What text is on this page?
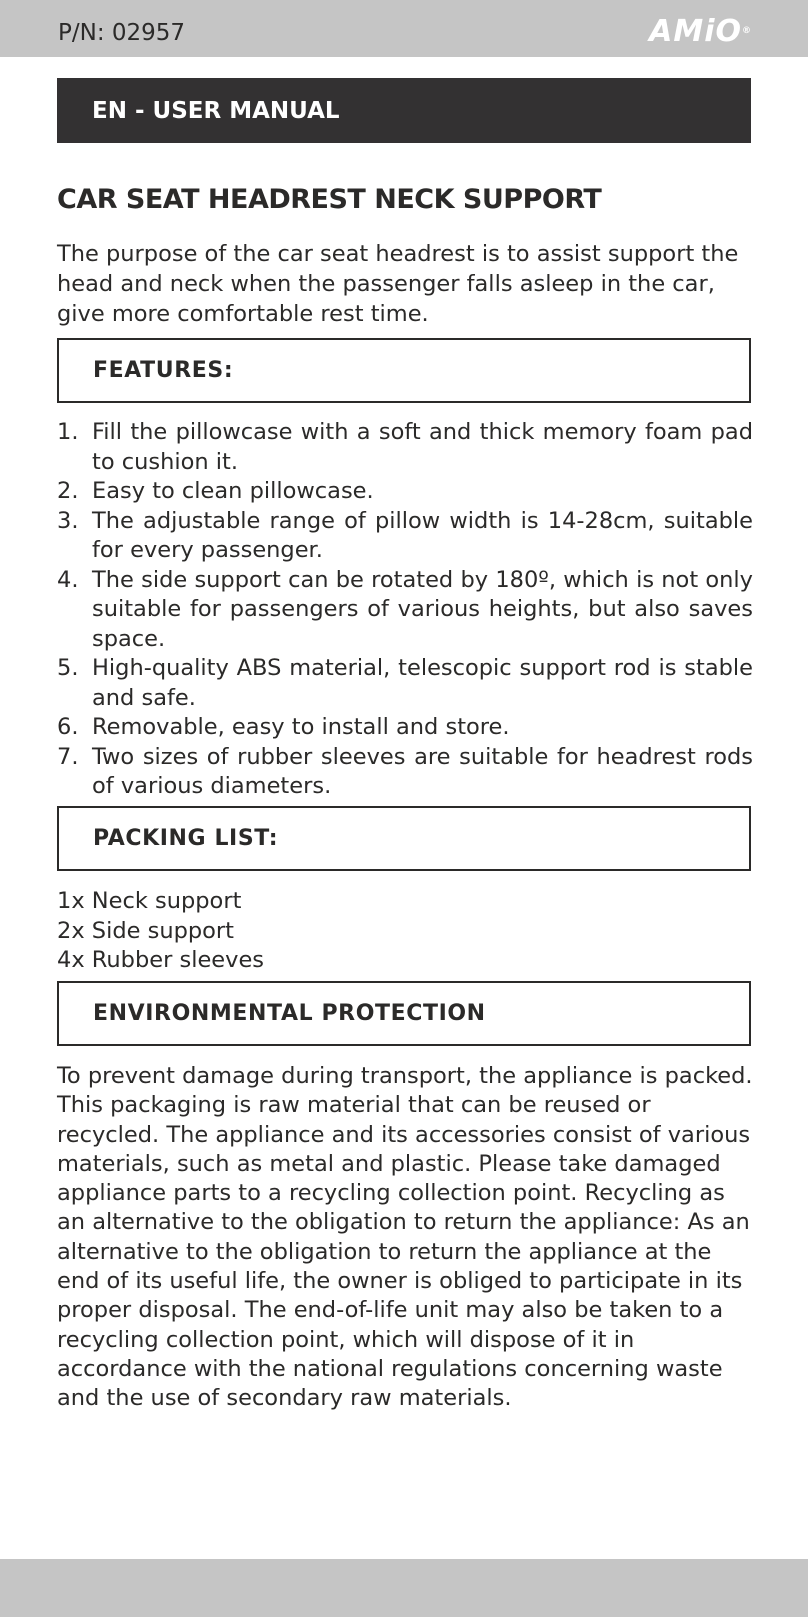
P/N: 02957	AMiO®
EN - USER MANUAL
CAR SEAT HEADREST NECK SUPPORT

The purpose of the car seat headrest is to assist support the head and neck when the passenger falls asleep in the car, give more comfortable rest time.

FEATURES:
1. Fill the pillowcase with a soft and thick memory foam pad to cushion it.
2. Easy to clean pillowcase.
3. The adjustable range of pillow width is 14-28cm, suitable for every passenger.
4. The side support can be rotated by 180º, which is not only suitable for passengers of various heights, but also saves space.
5. High-quality ABS material, telescopic support rod is stable and safe.
6. Removable, easy to install and store.
7. Two sizes of rubber sleeves are suitable for headrest rods of various diameters.
PACKING LIST:
1x Neck support
2x Side support
4x Rubber sleeves
ENVIRONMENTAL PROTECTION

To prevent damage during transport, the appliance is packed. This packaging is raw material that can be reused or recycled. The appliance and its accessories consist of various materials, such as metal and plastic. Please take damaged appliance parts to a recycling collection point. Recycling as an alternative to the obligation to return the appliance: As an alternative to the obligation to return the appliance at the end of its useful life, the owner is obliged to participate in its proper disposal. The end-of-life unit may also be taken to a recycling collection point, which will dispose of it in accordance with the national regulations concerning waste and the use of secondary raw materials.
